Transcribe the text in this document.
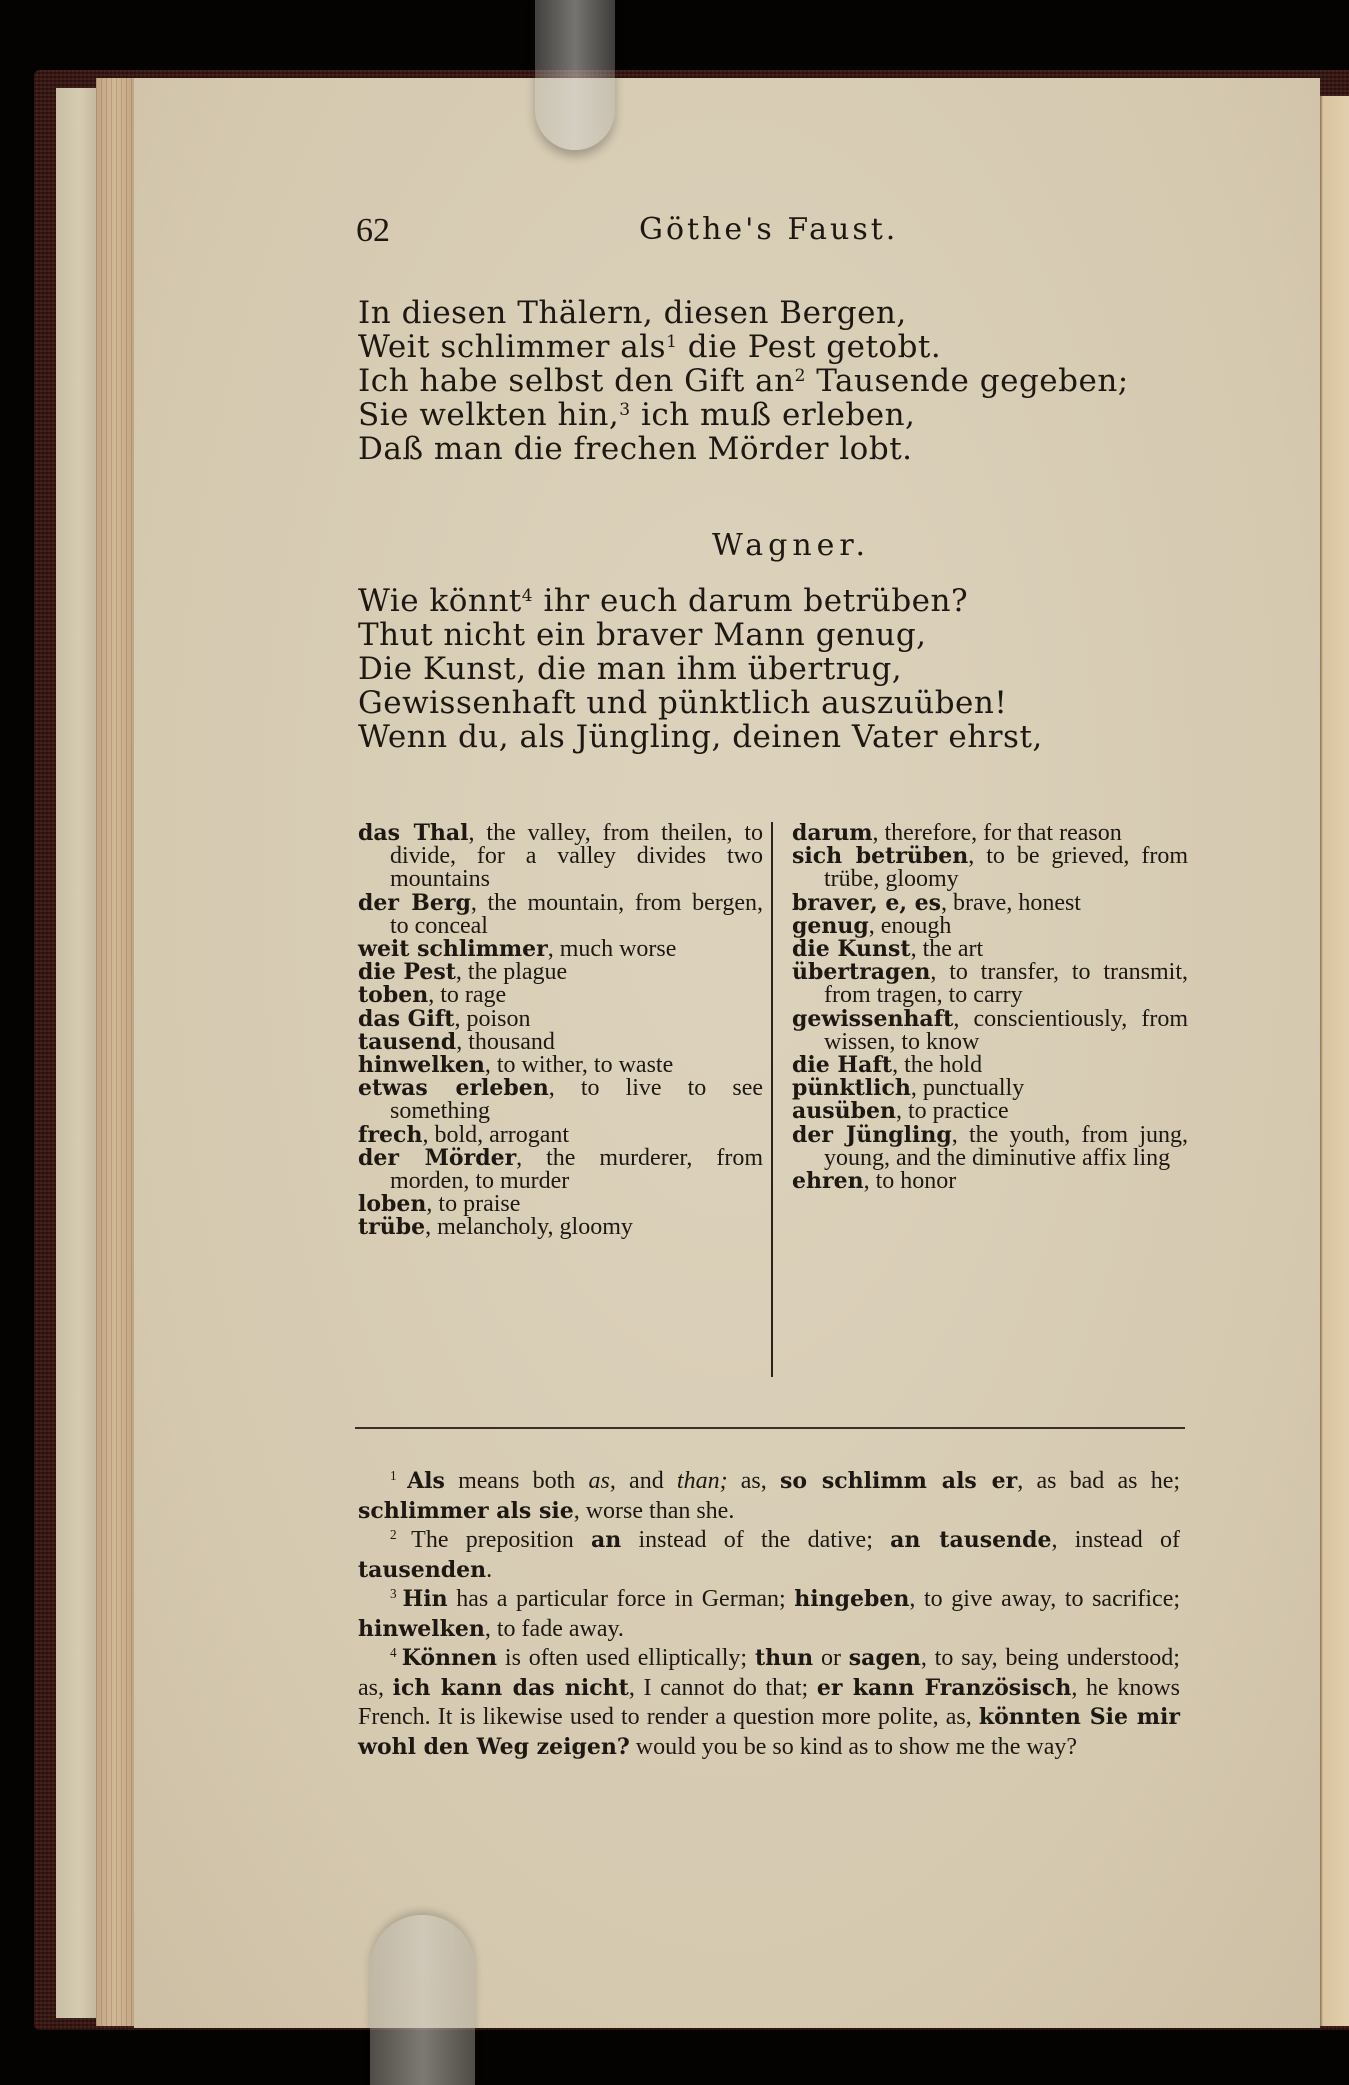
62	Göthe's Faust.
In diesen Thälern, diesen Bergen,
Weit schlimmer als$^1$ die Pest getobt.
Ich habe selbst den Gift $an^2$ Tausende gegeben;
Sie welkten hin,$^3$ ich muß erleben,
Daß man die frechen Mörder lobt.
Wagner.
Wie könnt$^4$ ihr euch darum betrüben?
Thut nicht ein braver Mann genug,
Die Kunst, die man ihm übertrug,
Gewissenhaft und pünktlich auszuüben!
Wenn du, als Jüngling, deinen Vater ehrst,
das Thal, the valley, from theilen, to divide, for a valley divides two mountains
der Berg, the mountain, from bergen, to conceal
weit schlimmer, much worse
die Pest, the plague
toben, to rage
das Gift, poison
tausend, thousand
hinwelken, to wither, to waste
etwas erleben, to live to see something
frech, bold, arrogant
der Mörder, the murderer, from morden, to murder
loben, to praise
trübe, melancholy, gloomy
darum, therefore, for that reason
sich betrüben, to be grieved, from trübe, gloomy
braver, e, es, brave, honest
genug, enough
die Kunst, the art
übertragen, to transfer, to transmit, from tragen, to carry
gewissenhaft, conscientiously, from wissen, to know
die Haft, the hold
pünktlich, punctually
ausüben, to practice
der Jüngling, the youth, from jung, young, and the diminutive affix ling
ehren, to honor
$^1$ Als means both as, and than; as, so schlimm als er, as bad as he; schlimmer als sie, worse than she.
$^2$ The preposition an instead of the dative; an tausende, instead of tausenden.
$^3$ Hin has a particular force in German; hingeben, to give away, to sacrifice; hinwelken, to fade away.
$^4$ Können is often used elliptically; thun or sagen, to say, being understood; as, ich kann das nicht, I cannot do that; er kann Französisch, he knows French. It is likewise used to render a question more polite, as, könnten Sie mir wohl den Weg zeigen? would you be so kind as to show me the way?
